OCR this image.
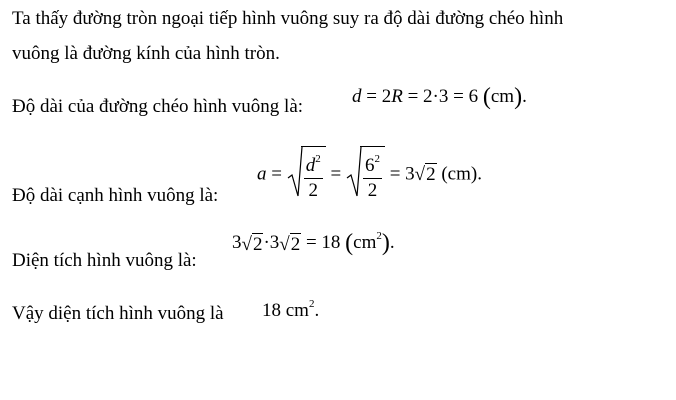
Ta thấy đường tròn ngoại tiếp hình vuông suy ra độ dài đường chéo hình
vuông là đường kính của hình tròn.
Độ dài của đường chéo hình vuông là:	d = 2R = 2·3 = 6 (cm).
Độ dài cạnh hình vuông là:
$a = \frac{d^2}{2} = \frac{6^2}{2} = 3√2$ (cm).
Diện tích hình vuông là:
3√2·3√2 = 18 $(cm^2)$.
Vậy diện tích hình vuông là 18 $cm^2$.
